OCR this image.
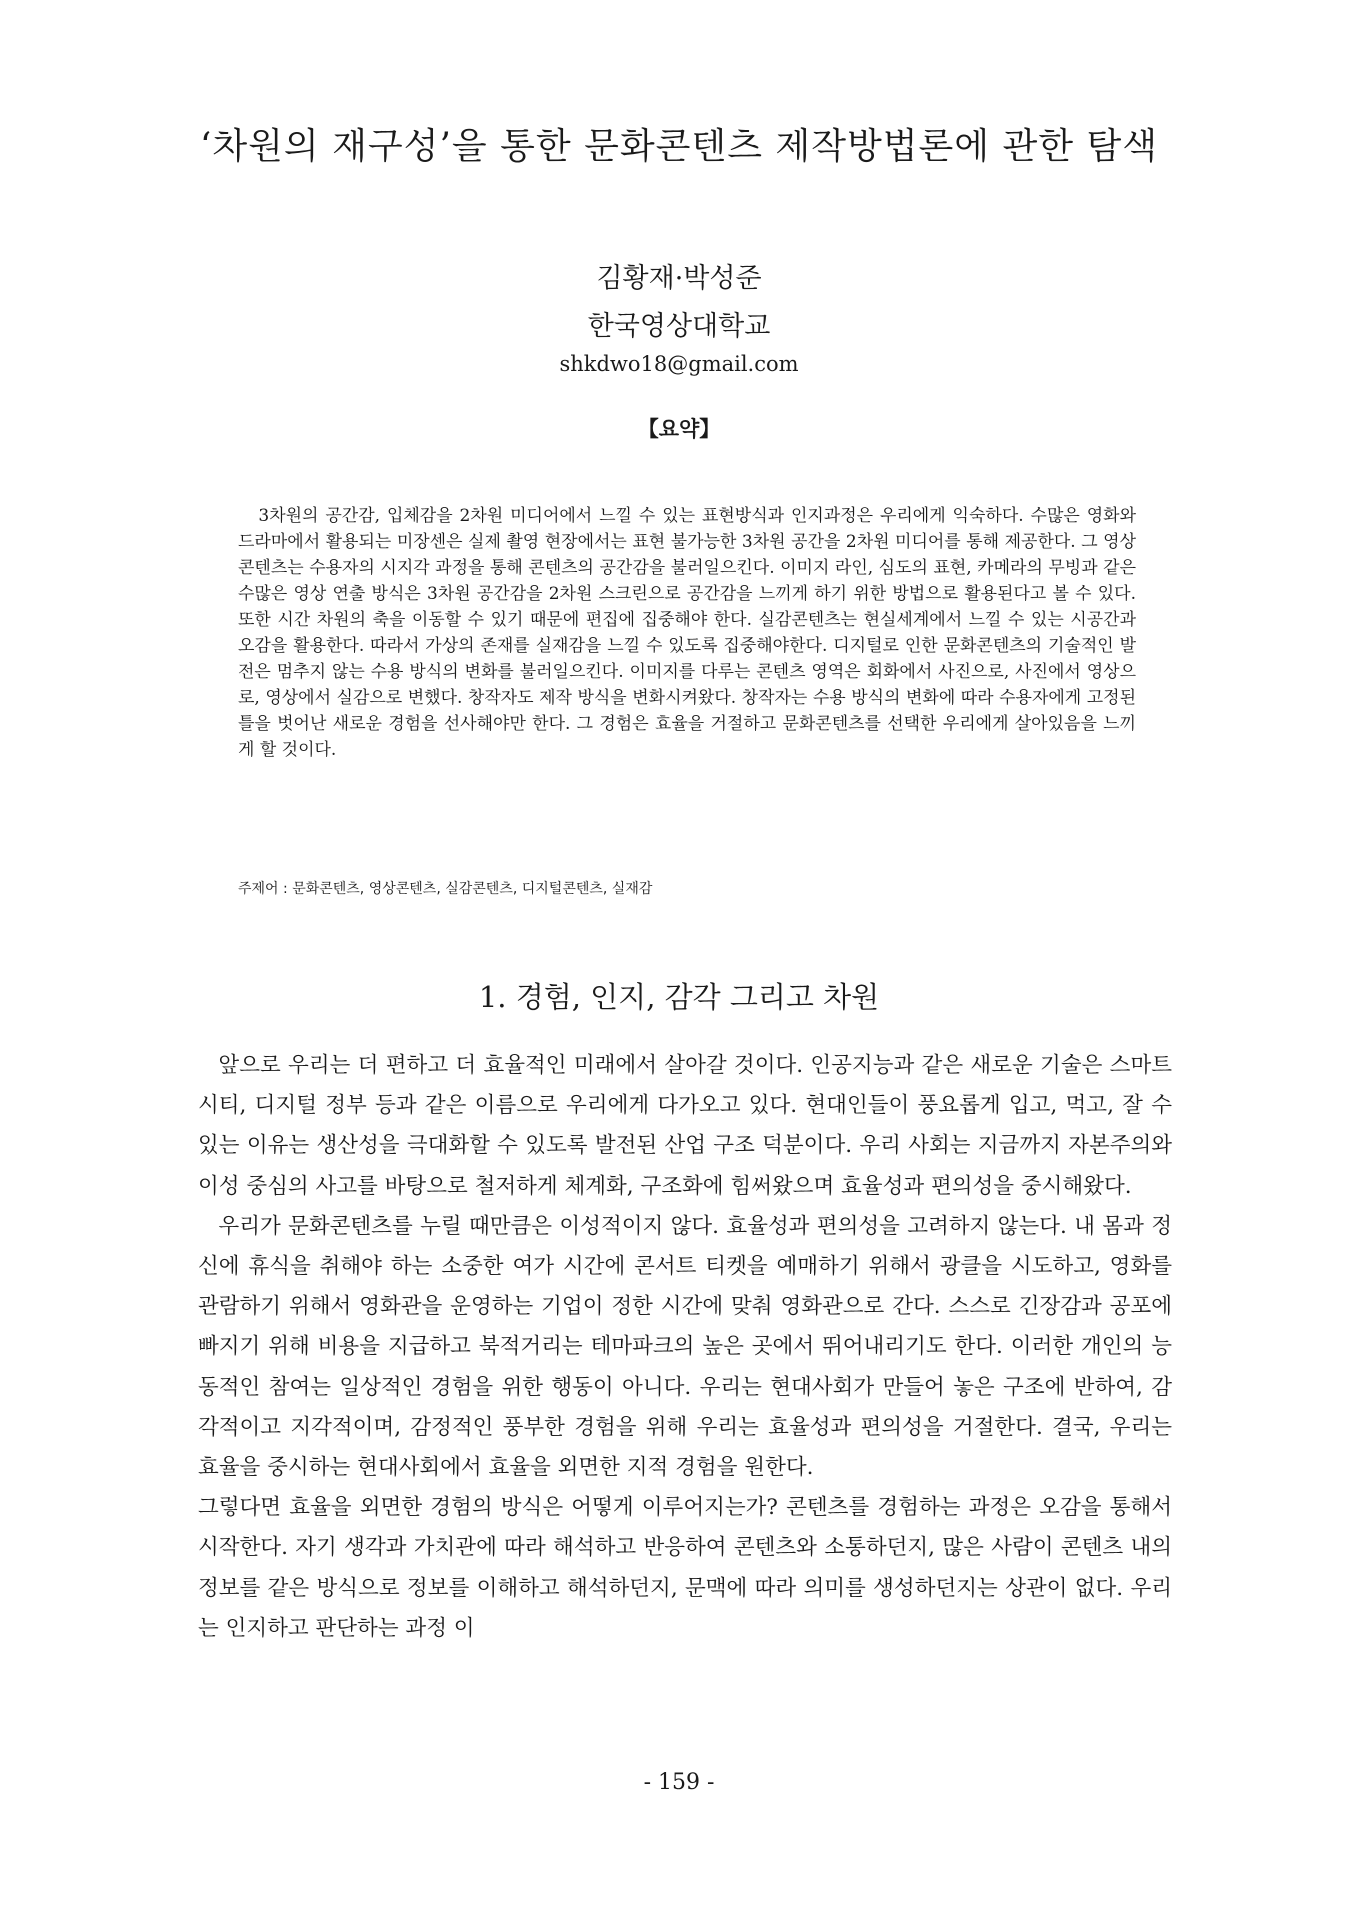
‘차원의 재구성’을 통한 문화콘텐츠 제작방법론에 관한 탐색
김황재·박성준
한국영상대학교
shkdwo18@gmail.com
【요약】

3차원의 공간감, 입체감을 2차원 미디어에서 느낄 수 있는 표현방식과 인지과정은 우리에게 익숙하다. 수많은 영화와 드라마에서 활용되는 미장센은 실제 촬영 현장에서는 표현 불가능한 3차원 공간을 2차원 미디어를 통해 제공한다. 그 영상콘텐츠는 수용자의 시지각 과정을 통해 콘텐츠의 공간감을 불러일으킨다. 이미지 라인, 심도의 표현, 카메라의 무빙과 같은 수많은 영상 연출 방식은 3차원 공간감을 2차원 스크린으로 공간감을 느끼게 하기 위한 방법으로 활용된다고 볼 수 있다. 또한 시간 차원의 축을 이동할 수 있기 때문에 편집에 집중해야 한다. 실감콘텐츠는 현실세계에서 느낄 수 있는 시공간과 오감을 활용한다. 따라서 가상의 존재를 실재감을 느낄 수 있도록 집중해야한다. 디지털로 인한 문화콘텐츠의 기술적인 발전은 멈추지 않는 수용 방식의 변화를 불러일으킨다. 이미지를 다루는 콘텐츠 영역은 회화에서 사진으로, 사진에서 영상으로, 영상에서 실감으로 변했다. 창작자도 제작 방식을 변화시켜왔다. 창작자는 수용 방식의 변화에 따라 수용자에게 고정된 틀을 벗어난 새로운 경험을 선사해야만 한다. 그 경험은 효율을 거절하고 문화콘텐츠를 선택한 우리에게 살아있음을 느끼게 할 것이다.

주제어 : 문화콘텐츠, 영상콘텐츠, 실감콘텐츠, 디지털콘텐츠, 실재감
1. 경험, 인지, 감각 그리고 차원

앞으로 우리는 더 편하고 더 효율적인 미래에서 살아갈 것이다. 인공지능과 같은 새로운 기술은 스마트 시티, 디지털 정부 등과 같은 이름으로 우리에게 다가오고 있다. 현대인들이 풍요롭게 입고, 먹고, 잘 수 있는 이유는 생산성을 극대화할 수 있도록 발전된 산업 구조 덕분이다. 우리 사회는 지금까지 자본주의와 이성 중심의 사고를 바탕으로 철저하게 체계화, 구조화에 힘써왔으며 효율성과 편의성을 중시해왔다.

우리가 문화콘텐츠를 누릴 때만큼은 이성적이지 않다. 효율성과 편의성을 고려하지 않는다. 내 몸과 정신에 휴식을 취해야 하는 소중한 여가 시간에 콘서트 티켓을 예매하기 위해서 광클을 시도하고, 영화를 관람하기 위해서 영화관을 운영하는 기업이 정한 시간에 맞춰 영화관으로 간다. 스스로 긴장감과 공포에 빠지기 위해 비용을 지급하고 북적거리는 테마파크의 높은 곳에서 뛰어내리기도 한다. 이러한 개인의 능동적인 참여는 일상적인 경험을 위한 행동이 아니다. 우리는 현대사회가 만들어 놓은 구조에 반하여, 감각적이고 지각적이며, 감정적인 풍부한 경험을 위해 우리는 효율성과 편의성을 거절한다. 결국, 우리는 효율을 중시하는 현대사회에서 효율을 외면한 지적 경험을 원한다.

그렇다면 효율을 외면한 경험의 방식은 어떻게 이루어지는가? 콘텐츠를 경험하는 과정은 오감을 통해서 시작한다. 자기 생각과 가치관에 따라 해석하고 반응하여 콘텐츠와 소통하던지, 많은 사람이 콘텐츠 내의 정보를 같은 방식으로 정보를 이해하고 해석하던지, 문맥에 따라 의미를 생성하던지는 상관이 없다. 우리는 인지하고 판단하는 과정 이

- 159 -
